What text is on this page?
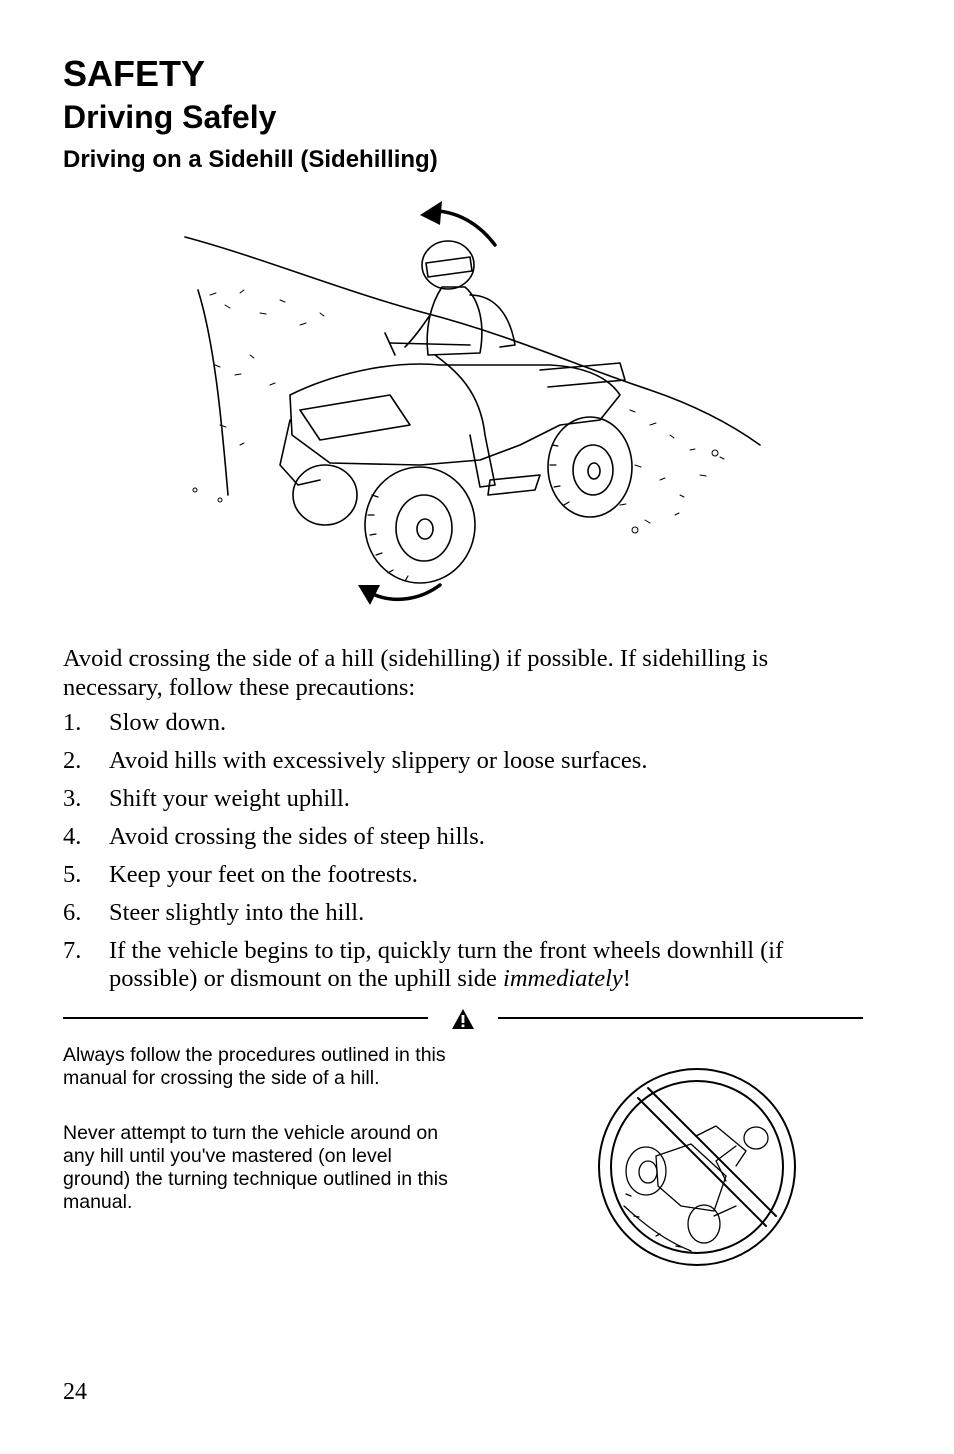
SAFETY
Driving Safely
Driving on a Sidehill (Sidehilling)

Avoid crossing the side of a hill (sidehilling) if possible. If sidehilling is necessary, follow these precautions:

1. Slow down.
2. Avoid hills with excessively slippery or loose surfaces.
3. Shift your weight uphill.
4. Avoid crossing the sides of steep hills.
5. Keep your feet on the footrests.
6. Steer slightly into the hill.
7. If the vehicle begins to tip, quickly turn the front wheels downhill (if possible) or dismount on the uphill side immediately!

Always follow the procedures outlined in this manual for crossing the side of a hill.

Never attempt to turn the vehicle around on any hill until you've mastered (on level ground) the turning technique outlined in this manual.

24
